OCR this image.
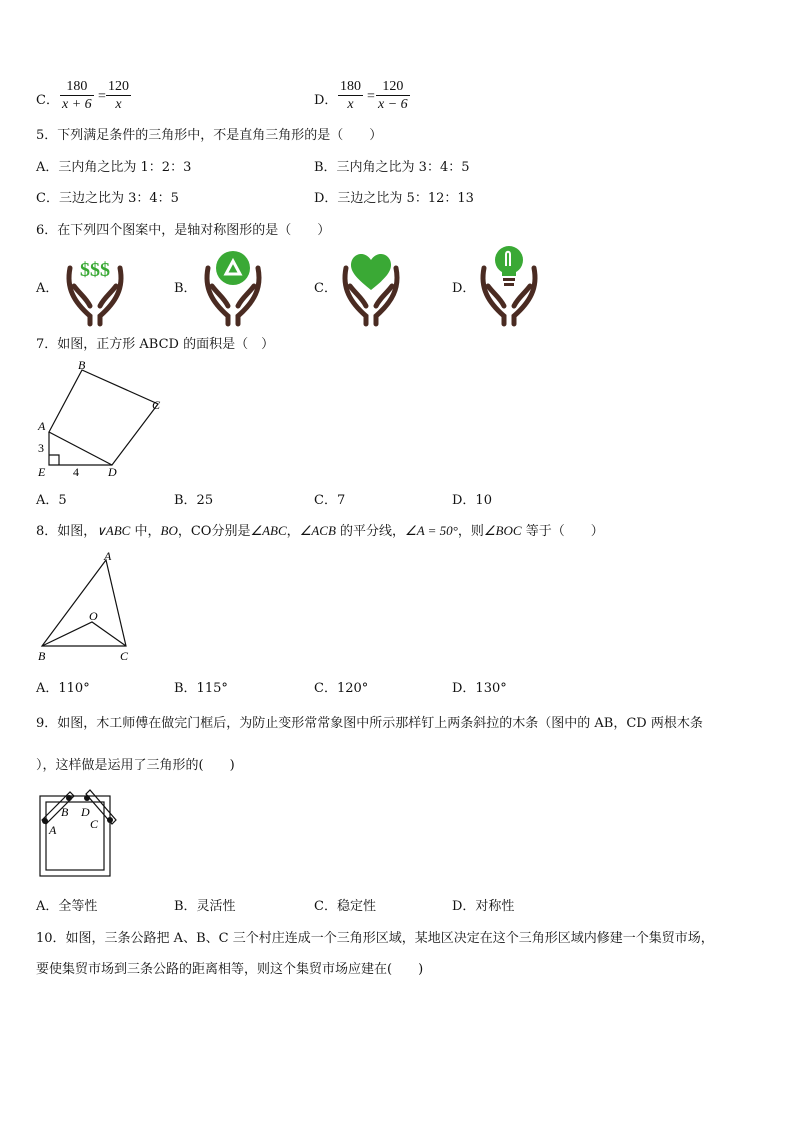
C． $\frac{180}{x + 6} = \frac{120}{x}$	D． $\frac{180}{x} = \frac{120}{x - 6}$
5．下列满足条件的三角形中，不是直角三角形的是（　　）
A．三内角之比为 1：2：3	B．三内角之比为 3：4：5
C．三边之比为 3：4：5	D．三边之比为 5：12：13
6．在下列四个图案中，是轴对称图形的是（　　）
A．	B．	C．	D．
$$$
7．如图，正方形 ABCD 的面积是（　）
B
C
A
3
E 4 D
A．5	B．25	C．7	D．10
8．如图，∨ABC 中，BO，CO分别是∠ABC，∠ACB 的平分线，∠A = 50°，则∠BOC 等于（　　）
A
O
B	C
A．110°	B．115°	C．120°	D．130°
9．如图，木工师傅在做完门框后，为防止变形常常象图中所示那样钉上两条斜拉的木条（图中的 AB，CD 两根木条
），这样做是运用了三角形的(　　)
B D
A	C
A．全等性	B．灵活性	C．稳定性	D．对称性
10．如图，三条公路把 A、B、C 三个村庄连成一个三角形区域，某地区决定在这个三角形区域内修建一个集贸市场，
要使集贸市场到三条公路的距离相等，则这个集贸市场应建在(　　)
